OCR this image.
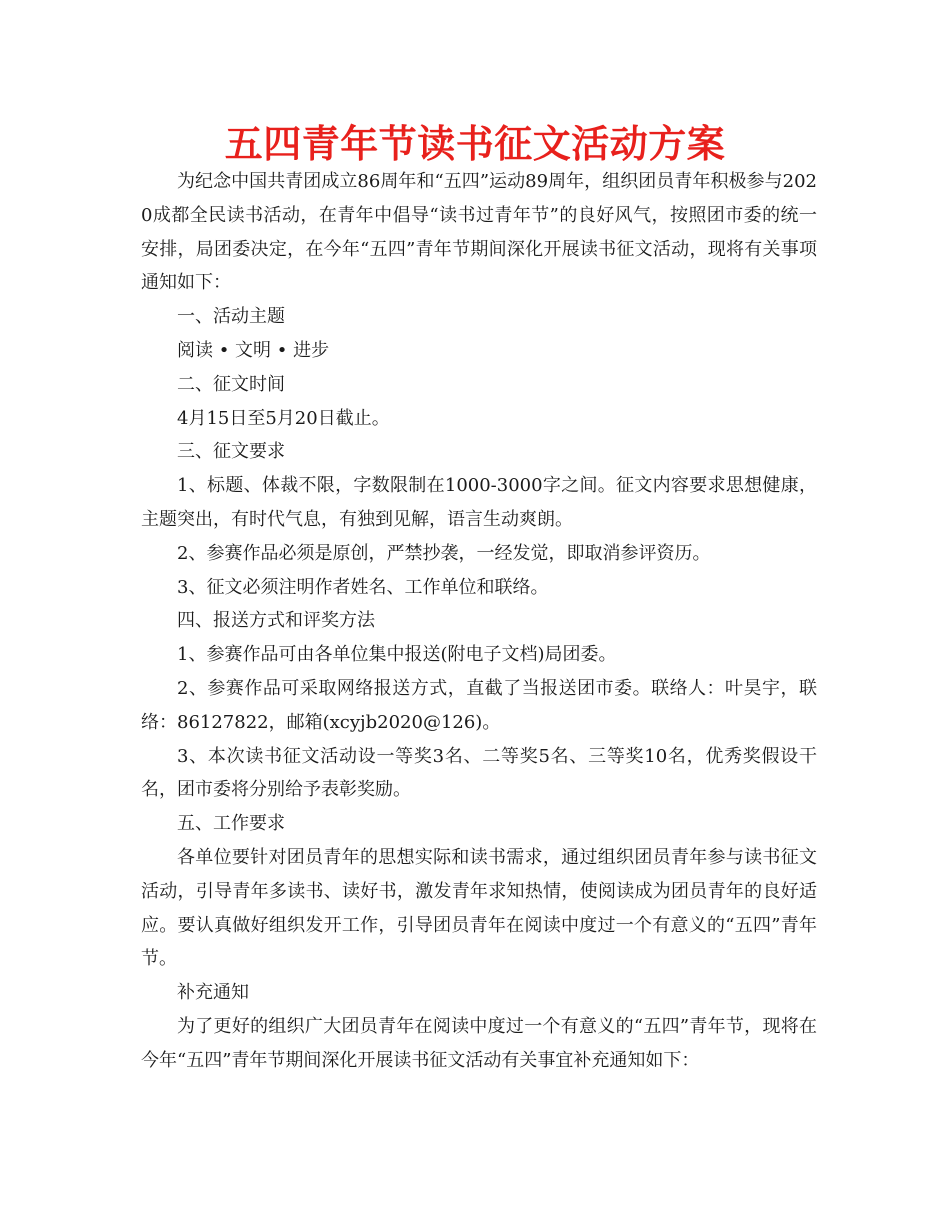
五四青年节读书征文活动方案

为纪念中国共青团成立86周年和“五四”运动89周年，组织团员青年积极参与2020成都全民读书活动，在青年中倡导“读书过青年节”的良好风气，按照团市委的统一安排，局团委决定，在今年“五四”青年节期间深化开展读书征文活动，现将有关事项通知如下：

一、活动主题

阅读 • 文明 • 进步

二、征文时间

4月15日至5月20日截止。

三、征文要求

1、标题、体裁不限，字数限制在1000-3000字之间。征文内容要求思想健康，主题突出，有时代气息，有独到见解，语言生动爽朗。

2、参赛作品必须是原创，严禁抄袭，一经发觉，即取消参评资历。

3、征文必须注明作者姓名、工作单位和联络。

四、报送方式和评奖方法

1、参赛作品可由各单位集中报送(附电子文档)局团委。

2、参赛作品可采取网络报送方式，直截了当报送团市委。联络人：叶昊宇，联络：86127822，邮箱(xcyjb2020@126)。

3、本次读书征文活动设一等奖3名、二等奖5名、三等奖10名，优秀奖假设干名，团市委将分别给予表彰奖励。

五、工作要求

各单位要针对团员青年的思想实际和读书需求，通过组织团员青年参与读书征文活动，引导青年多读书、读好书，激发青年求知热情，使阅读成为团员青年的良好适应。要认真做好组织发开工作，引导团员青年在阅读中度过一个有意义的“五四”青年节。

补充通知

为了更好的组织广大团员青年在阅读中度过一个有意义的“五四”青年节，现将在今年“五四”青年节期间深化开展读书征文活动有关事宜补充通知如下：
